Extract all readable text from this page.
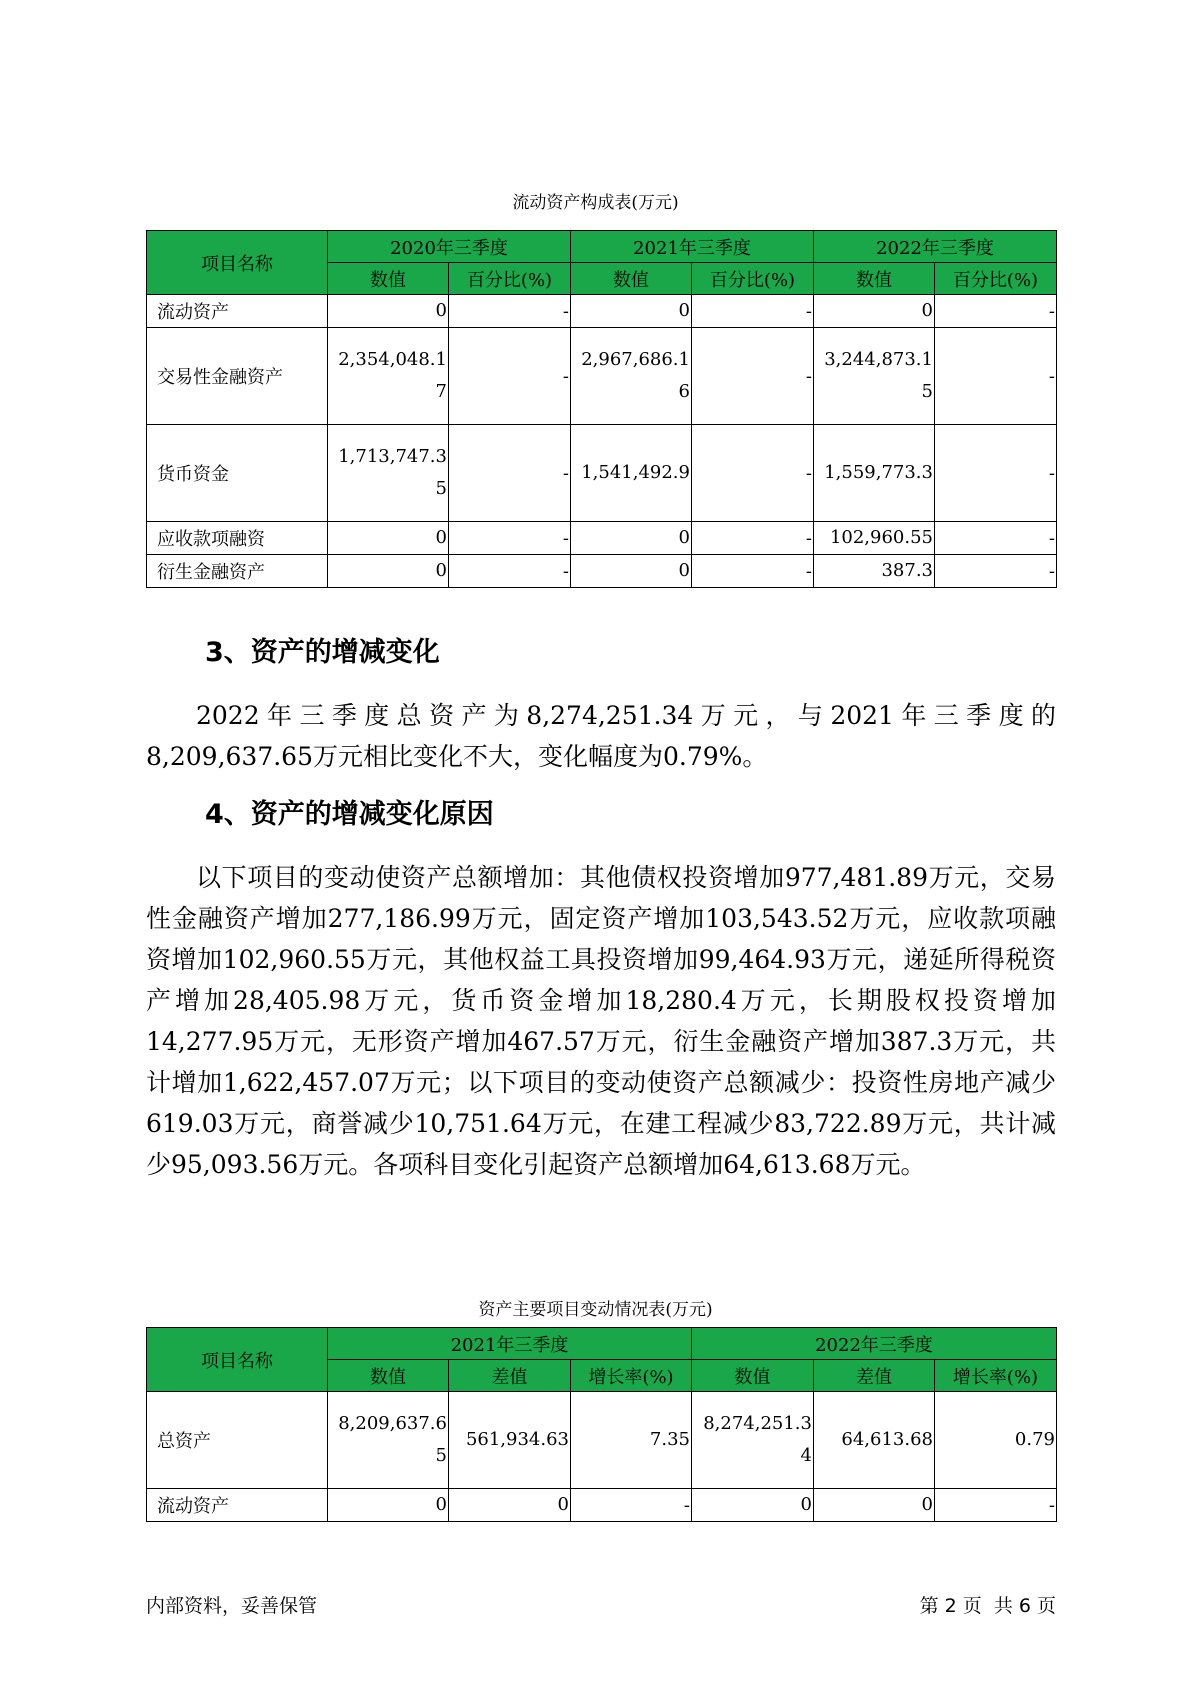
流动资产构成表(万元)
项目名称	2020年三季度		2021年三季度		2022年三季度	
	数值	百分比(%)	数值	百分比(%)	数值	百分比(%)
流动资产	0	-	0	-	0	-
交易性金融资产	2,354,048.17	-	2,967,686.16	-	3,244,873.15	-
货币资金	1,713,747.35	-	1,541,492.9	-	1,559,773.3	-
应收款项融资	0	-	0	-	102,960.55	-
衍生金融资产	0	-	0	-	387.3	-
3、资产的增减变化

2022年三季度总资产为8,274,251.34万元，与2021年三季度的8,209,637.65万元相比变化不大，变化幅度为0.79%。

4、资产的增减变化原因

以下项目的变动使资产总额增加：其他债权投资增加977,481.89万元，交易性金融资产增加277,186.99万元，固定资产增加103,543.52万元，应收款项融资增加102,960.55万元，其他权益工具投资增加99,464.93万元，递延所得税资产增加28,405.98万元，货币资金增加18,280.4万元，长期股权投资增加14,277.95万元，无形资产增加467.57万元，衍生金融资产增加387.3万元，共计增加1,622,457.07万元；以下项目的变动使资产总额减少：投资性房地产减少619.03万元，商誉减少10,751.64万元，在建工程减少83,722.89万元，共计减少95,093.56万元。各项科目变化引起资产总额增加64,613.68万元。

资产主要项目变动情况表(万元)
项目名称	2021年三季度			2022年三季度		
	数值	差值	增长率(%)	数值	差值	增长率(%)
总资产	8,209,637.65	561,934.63	7.35	8,274,251.34	64,613.68	0.79
流动资产	0	0	-	0	0	-
内部资料，妥善保管	第 2 页  共 6 页
